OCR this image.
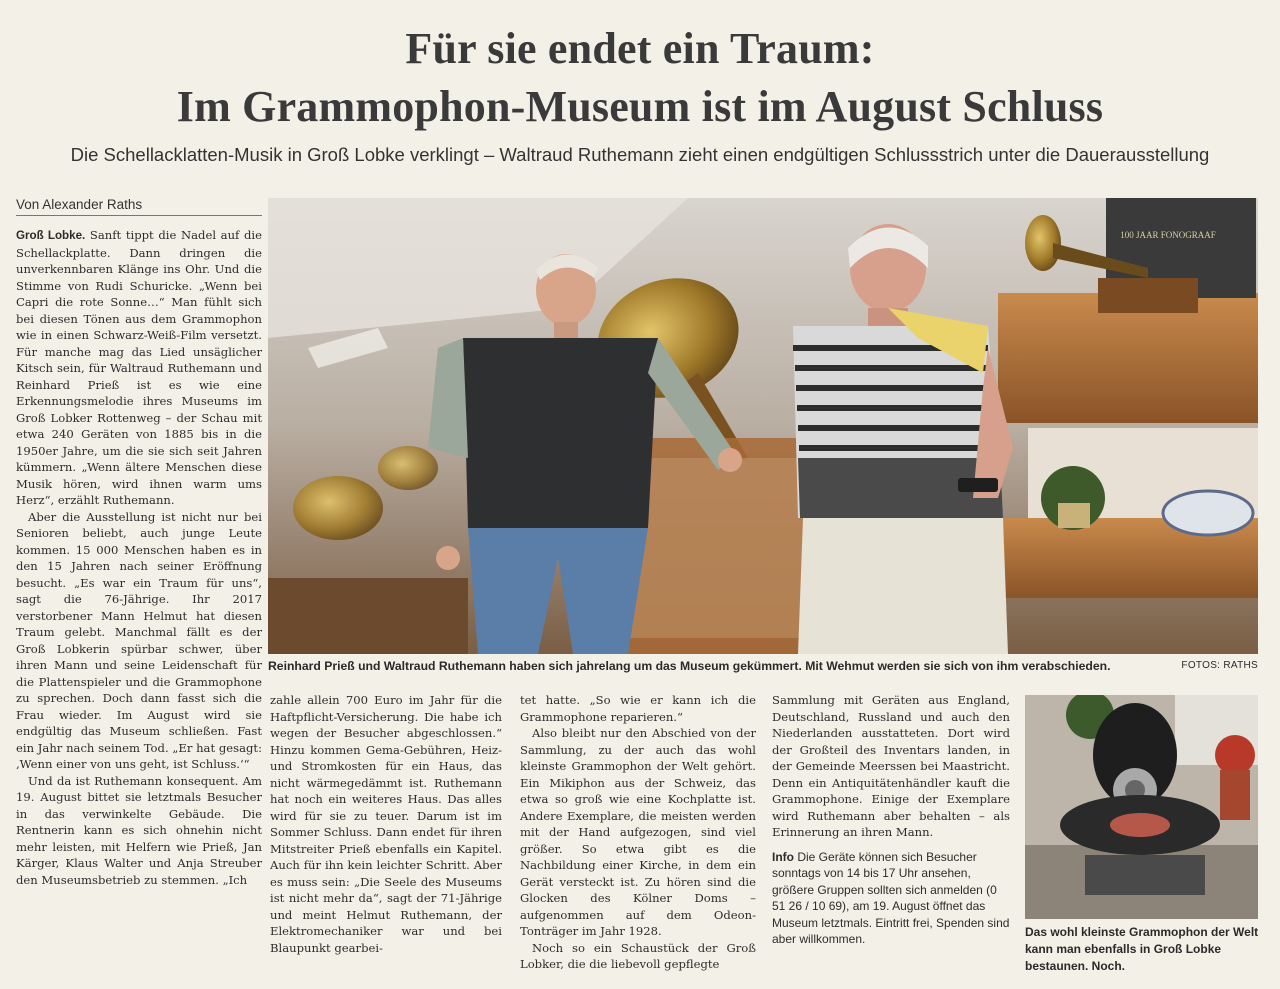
Für sie endet ein Traum:
Im Grammophon-Museum ist im August Schluss
Die Schellacklatten-Musik in Groß Lobke verklingt – Waltraud Ruthemann zieht einen endgültigen Schlussstrich unter die Dauerausstellung
Von Alexander Raths

Groß Lobke. Sanft tippt die Nadel auf die Schellackplatte. Dann dringen die unverkennbaren Klänge ins Ohr. Und die Stimme von Rudi Schuricke. „Wenn bei Capri die rote Sonne…“ Man fühlt sich bei diesen Tönen aus dem Grammophon wie in einen Schwarz-Weiß-Film versetzt. Für manche mag das Lied unsäglicher Kitsch sein, für Waltraud Ruthemann und Reinhard Prieß ist es wie eine Erkennungsmelodie ihres Museums im Groß Lobker Rottenweg – der Schau mit etwa 240 Geräten von 1885 bis in die 1950er Jahre, um die sie sich seit Jahren kümmern. „Wenn ältere Menschen diese Musik hören, wird ihnen warm ums Herz“, erzählt Ruthemann.

Aber die Ausstellung ist nicht nur bei Senioren beliebt, auch junge Leute kommen. 15 000 Menschen haben es in den 15 Jahren nach seiner Eröffnung besucht. „Es war ein Traum für uns“, sagt die 76-Jährige. Ihr 2017 verstorbener Mann Helmut hat diesen Traum gelebt. Manchmal fällt es der Groß Lobkerin spürbar schwer, über ihren Mann und seine Leidenschaft für die Plattenspieler und die Grammophone zu sprechen. Doch dann fasst sich die Frau wieder. Im August wird sie endgültig das Museum schließen. Fast ein Jahr nach seinem Tod. „Er hat gesagt: ‚Wenn einer von uns geht, ist Schluss.‘“

Und da ist Ruthemann konsequent. Am 19. August bittet sie letztmals Besucher in das verwinkelte Gebäude. Die Rentnerin kann es sich ohnehin nicht mehr leisten, mit Helfern wie Prieß, Jan Kärger, Klaus Walter und Anja Streuber den Museumsbetrieb zu stemmen. „Ich

100 JAAR FONOGRAAF
Reinhard Prieß und Waltraud Ruthemann haben sich jahrelang um das Museum gekümmert. Mit Wehmut werden sie sich von ihm verabschieden.	FOTOS: RATHS

zahle allein 700 Euro im Jahr für die Haftpflicht-Versicherung. Die habe ich wegen der Besucher abgeschlossen.“ Hinzu kommen Gema-Gebühren, Heiz- und Stromkosten für ein Haus, das nicht wärmegedämmt ist. Ruthemann hat noch ein weiteres Haus. Das alles wird für sie zu teuer. Darum ist im Sommer Schluss. Dann endet für ihren Mitstreiter Prieß ebenfalls ein Kapitel. Auch für ihn kein leichter Schritt. Aber es muss sein: „Die Seele des Museums ist nicht mehr da“, sagt der 71-Jährige und meint Helmut Ruthemann, der Elektromechaniker war und bei Blaupunkt gearbei-

tet hatte. „So wie er kann ich die Grammophone reparieren.“

Also bleibt nur den Abschied von der Sammlung, zu der auch das wohl kleinste Grammophon der Welt gehört. Ein Mikiphon aus der Schweiz, das etwa so groß wie eine Kochplatte ist. Andere Exemplare, die meisten werden mit der Hand aufgezogen, sind viel größer. So etwa gibt es die Nachbildung einer Kirche, in dem ein Gerät versteckt ist. Zu hören sind die Glocken des Kölner Doms – aufgenommen auf dem Odeon-Tonträger im Jahr 1928.

Noch so ein Schaustück der Groß Lobker, die die liebevoll gepflegte

Sammlung mit Geräten aus England, Deutschland, Russland und auch den Niederlanden ausstatteten. Dort wird der Großteil des Inventars landen, in der Gemeinde Meerssen bei Maastricht. Denn ein Antiquitätenhändler kauft die Grammophone. Einige der Exemplare wird Ruthemann aber behalten – als Erinnerung an ihren Mann.

Info Die Geräte können sich Besucher sonntags von 14 bis 17 Uhr ansehen, größere Gruppen sollten sich anmelden (0 51 26 / 10 69), am 19. August öffnet das Museum letztmals. Eintritt frei, Spenden sind aber willkommen.	Das wohl kleinste Grammophon der Welt kann man ebenfalls in Groß Lobke bestaunen. Noch.
